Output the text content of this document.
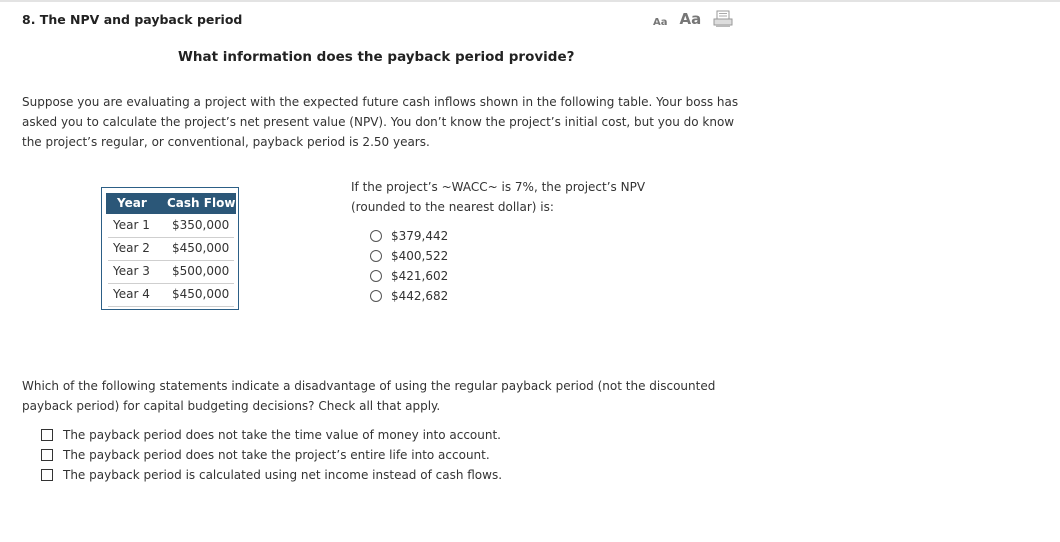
8. The NPV and payback period	Aa Aa
What information does the payback period provide?
Suppose you are evaluating a project with the expected future cash inflows shown in the following table. Your boss has asked you to calculate the project’s net present value (NPV). You don’t know the project’s initial cost, but you do know the project’s regular, or conventional, payback period is 2.50 years.
Year Cash Flow
Year 1 $350,000
Year 2 $450,000
Year 3 $500,000
Year 4 $450,000
If the project’s ~WACC~ is 7%, the project’s NPV (rounded to the nearest dollar) is:
$379,442
$400,522
$421,602
$442,682
Which of the following statements indicate a disadvantage of using the regular payback period (not the discounted payback period) for capital budgeting decisions? Check all that apply.
The payback period does not take the time value of money into account.
The payback period does not take the project’s entire life into account.
The payback period is calculated using net income instead of cash flows.
